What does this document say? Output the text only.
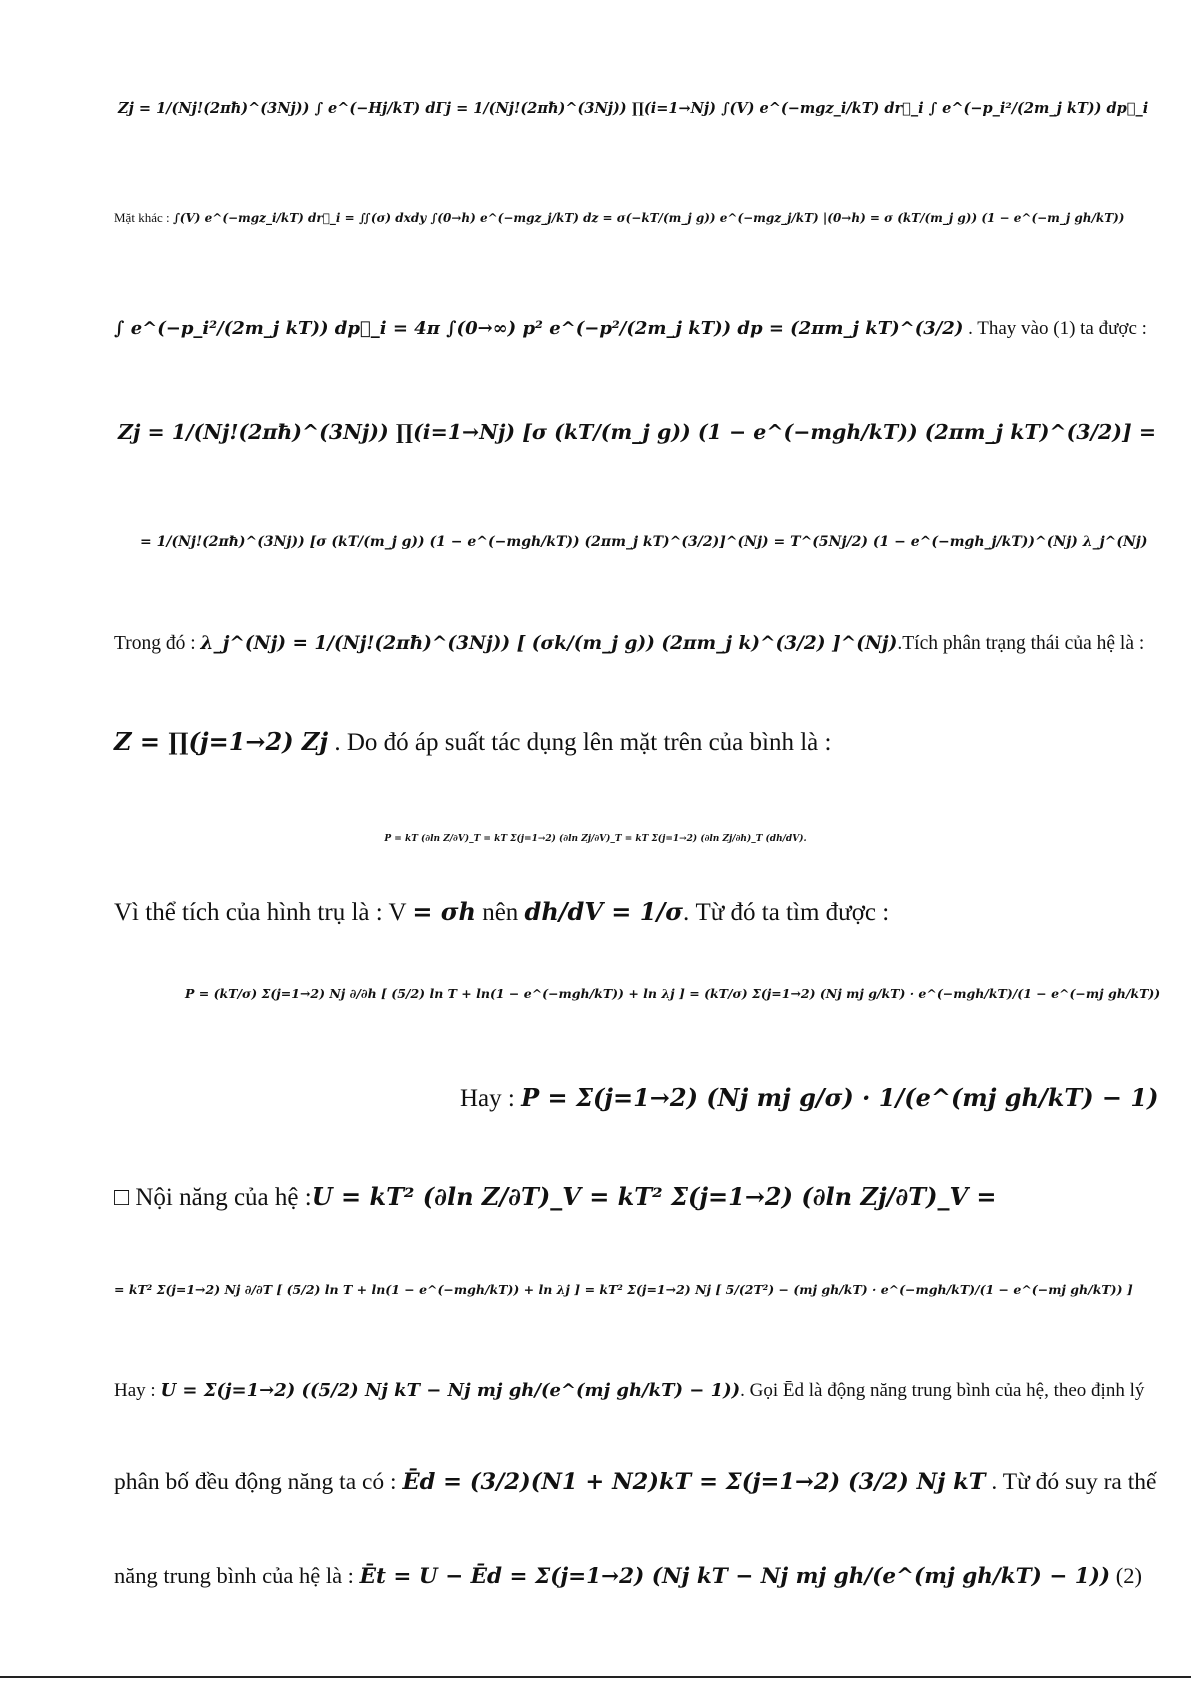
Zj = 1/(Nj!(2πħ)^(3Nj)) ∫ e^(−Hj/kT) dΓj = 1/(Nj!(2πħ)^(3Nj)) ∏(i=1→Nj) ∫(V) e^(−mgz_i/kT) dr⃗_i ∫ e^(−p_i²/(2m_j kT)) dp⃗_i
Mặt khác : ∫(V) e^(−mgz_i/kT) dr⃗_i = ∬(σ) dxdy ∫(0→h) e^(−mgz_j/kT) dz = σ(−kT/(m_j g)) e^(−mgz_j/kT) |(0→h) = σ (kT/(m_j g)) (1 − e^(−m_j gh/kT))
∫ e^(−p_i²/(2m_j kT)) dp⃗_i = 4π ∫(0→∞) p² e^(−p²/(2m_j kT)) dp = (2πm_j kT)^(3/2) . Thay vào (1) ta được :
Zj = 1/(Nj!(2πħ)^(3Nj)) ∏(i=1→Nj) [σ (kT/(m_j g)) (1 − e^(−mgh/kT)) (2πm_j kT)^(3/2)] =
= 1/(Nj!(2πħ)^(3Nj)) [σ (kT/(m_j g)) (1 − e^(−mgh/kT)) (2πm_j kT)^(3/2)]^(Nj) = T^(5Nj/2) (1 − e^(−mgh_j/kT))^(Nj) λ_j^(Nj)
Trong đó : λ_j^(Nj) = 1/(Nj!(2πħ)^(3Nj)) [ (σk/(m_j g)) (2πm_j k)^(3/2) ]^(Nj).Tích phân trạng thái của hệ là :
Z = ∏(j=1→2) Zj . Do đó áp suất tác dụng lên mặt trên của bình là :
P = kT (∂ln Z/∂V)_T = kT Σ(j=1→2) (∂ln Zj/∂V)_T = kT Σ(j=1→2) (∂ln Zj/∂h)_T (dh/dV).
Vì thể tích của hình trụ là : V = σh nên dh/dV = 1/σ. Từ đó ta tìm được :
P = (kT/σ) Σ(j=1→2) Nj ∂/∂h [ (5/2) ln T + ln(1 − e^(−mgh/kT)) + ln λj ] = (kT/σ) Σ(j=1→2) (Nj mj g/kT) · e^(−mgh/kT)/(1 − e^(−mj gh/kT))
Hay : P = Σ(j=1→2) (Nj mj g/σ) · 1/(e^(mj gh/kT) − 1)
□ Nội năng của hệ :U = kT² (∂ln Z/∂T)_V = kT² Σ(j=1→2) (∂ln Zj/∂T)_V =
= kT² Σ(j=1→2) Nj ∂/∂T [ (5/2) ln T + ln(1 − e^(−mgh/kT)) + ln λj ] = kT² Σ(j=1→2) Nj [ 5/(2T²) − (mj gh/kT) · e^(−mgh/kT)/(1 − e^(−mj gh/kT)) ]
Hay : U = Σ(j=1→2) ((5/2) Nj kT − Nj mj gh/(e^(mj gh/kT) − 1)). Gọi Ēd là động năng trung bình của hệ, theo định lý
phân bố đều động năng ta có : Ēd = (3/2)(N1 + N2)kT = Σ(j=1→2) (3/2) Nj kT . Từ đó suy ra thế
năng trung bình của hệ là : Ēt = U − Ēd = Σ(j=1→2) (Nj kT − Nj mj gh/(e^(mj gh/kT) − 1)) (2)
